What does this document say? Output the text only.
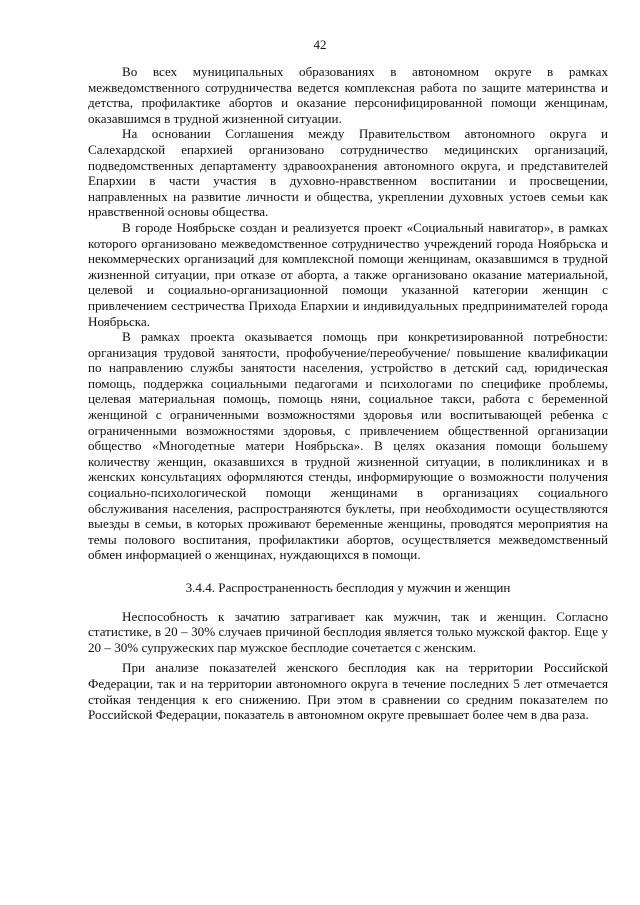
42

Во всех муниципальных образованиях в автономном округе в рамках межведомственного сотрудничества ведется комплексная работа по защите материнства и детства, профилактике абортов и оказание персонифицированной помощи женщинам, оказавшимся в трудной жизненной ситуации.

На основании Соглашения между Правительством автономного округа и Салехардской епархией организовано сотрудничество медицинских организаций, подведомственных департаменту здравоохранения автономного округа, и представителей Епархии в части участия в духовно-нравственном воспитании и просвещении, направленных на развитие личности и общества, укреплении духовных устоев семьи как нравственной основы общества.

В городе Ноябрьске создан и реализуется проект «Социальный навигатор», в рамках которого организовано межведомственное сотрудничество учреждений города Ноябрьска и некоммерческих организаций для комплексной помощи женщинам, оказавшимся в трудной жизненной ситуации, при отказе от аборта, а также организовано оказание материальной, целевой и социально-организационной помощи указанной категории женщин с привлечением сестричества Прихода Епархии и индивидуальных предпринимателей города Ноябрьска.

В рамках проекта оказывается помощь при конкретизированной потребности: организация трудовой занятости, профобучение/переобучение/ повышение квалификации по направлению службы занятости населения, устройство в детский сад, юридическая помощь, поддержка социальными педагогами и психологами по специфике проблемы, целевая материальная помощь, помощь няни, социальное такси, работа с беременной женщиной с ограниченными возможностями здоровья или воспитывающей ребенка с ограниченными возможностями здоровья, с привлечением общественной организации общество «Многодетные матери Ноябрьска». В целях оказания помощи большему количеству женщин, оказавшихся в трудной жизненной ситуации, в поликлиниках и в женских консультациях оформляются стенды, информирующие о возможности получения социально-психологической помощи женщинами в организациях социального обслуживания населения, распространяются буклеты, при необходимости осуществляются выезды в семьи, в которых проживают беременные женщины, проводятся мероприятия на темы полового воспитания, профилактики абортов, осуществляется межведомственный обмен информацией о женщинах, нуждающихся в помощи.

3.4.4. Распространенность бесплодия у мужчин и женщин

Неспособность к зачатию затрагивает как мужчин, так и женщин. Согласно статистике, в 20 – 30% случаев причиной бесплодия является только мужской фактор. Еще у 20 – 30% супружеских пар мужское бесплодие сочетается с женским.

При анализе показателей женского бесплодия как на территории Российской Федерации, так и на территории автономного округа в течение последних 5 лет отмечается стойкая тенденция к его снижению. При этом в сравнении со средним показателем по Российской Федерации, показатель в автономном округе превышает более чем в два раза.
